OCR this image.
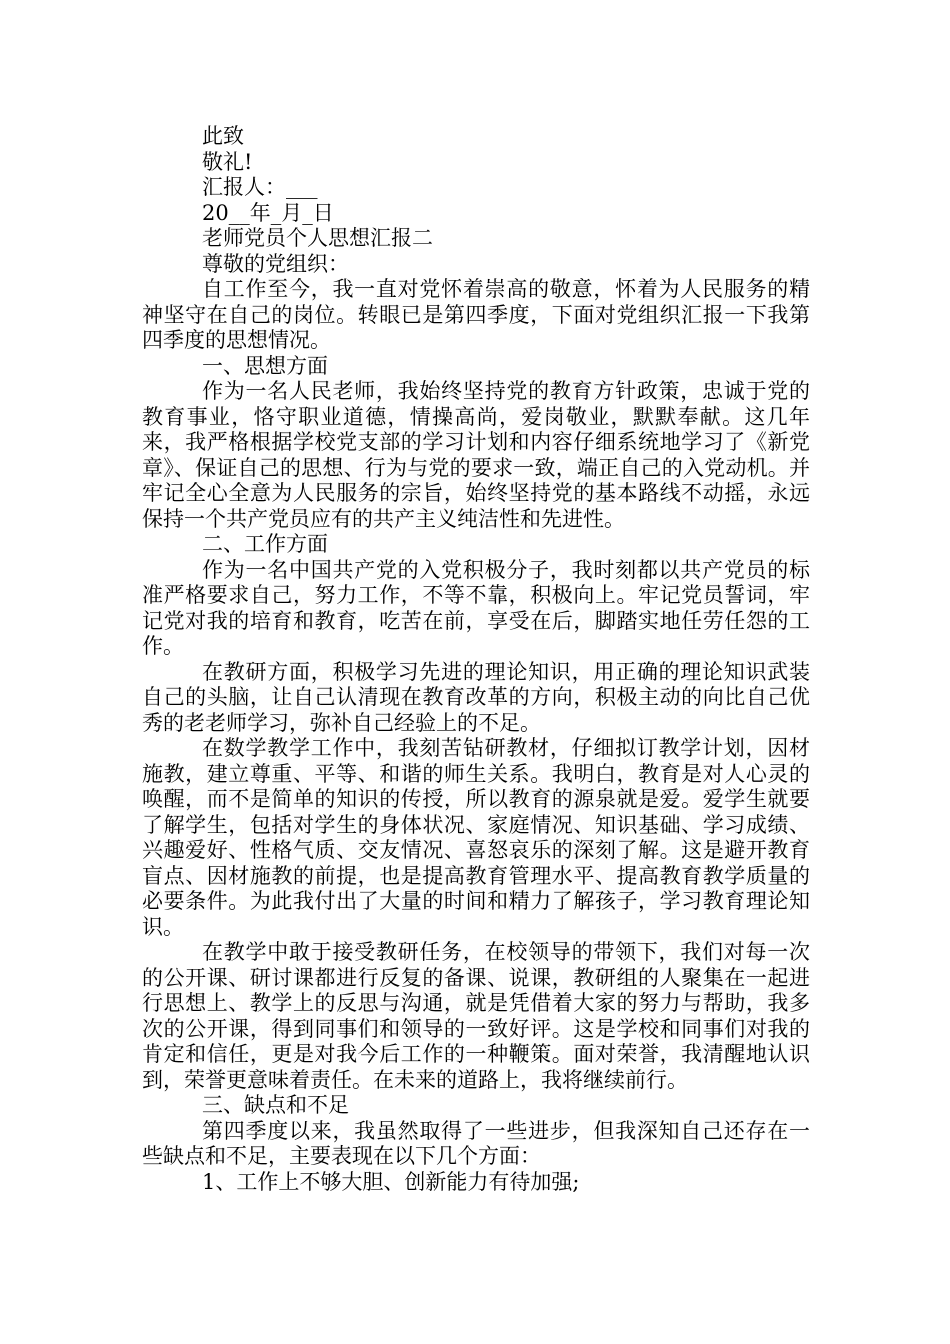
此致

敬礼!

汇报人：___

20__年_月_日

老师党员个人思想汇报二

尊敬的党组织：

自工作至今，我一直对党怀着崇高的敬意，怀着为人民服务的精神坚守在自己的岗位。转眼已是第四季度，下面对党组织汇报一下我第四季度的思想情况。

一、思想方面

作为一名人民老师，我始终坚持党的教育方针政策，忠诚于党的教育事业，恪守职业道德，情操高尚，爱岗敬业，默默奉献。这几年来，我严格根据学校党支部的学习计划和内容仔细系统地学习了《新党章》、保证自己的思想、行为与党的要求一致，端正自己的入党动机。并牢记全心全意为人民服务的宗旨，始终坚持党的基本路线不动摇，永远保持一个共产党员应有的共产主义纯洁性和先进性。

二、工作方面

作为一名中国共产党的入党积极分子，我时刻都以共产党员的标准严格要求自己，努力工作，不等不靠，积极向上。牢记党员誓词，牢记党对我的培育和教育，吃苦在前，享受在后，脚踏实地任劳任怨的工作。

在教研方面，积极学习先进的理论知识，用正确的理论知识武装自己的头脑，让自己认清现在教育改革的方向，积极主动的向比自己优秀的老老师学习，弥补自己经验上的不足。

在数学教学工作中，我刻苦钻研教材，仔细拟订教学计划，因材施教，建立尊重、平等、和谐的师生关系。我明白，教育是对人心灵的唤醒，而不是简单的知识的传授，所以教育的源泉就是爱。爱学生就要了解学生，包括对学生的身体状况、家庭情况、知识基础、学习成绩、兴趣爱好、性格气质、交友情况、喜怒哀乐的深刻了解。这是避开教育盲点、因材施教的前提，也是提高教育管理水平、提高教育教学质量的必要条件。为此我付出了大量的时间和精力了解孩子，学习教育理论知识。

在教学中敢于接受教研任务，在校领导的带领下，我们对每一次的公开课、研讨课都进行反复的备课、说课，教研组的人聚集在一起进行思想上、教学上的反思与沟通，就是凭借着大家的努力与帮助，我多次的公开课，得到同事们和领导的一致好评。这是学校和同事们对我的肯定和信任，更是对我今后工作的一种鞭策。面对荣誉，我清醒地认识到，荣誉更意味着责任。在未来的道路上，我将继续前行。

三、缺点和不足

第四季度以来，我虽然取得了一些进步，但我深知自己还存在一些缺点和不足，主要表现在以下几个方面：

1、工作上不够大胆、创新能力有待加强;
